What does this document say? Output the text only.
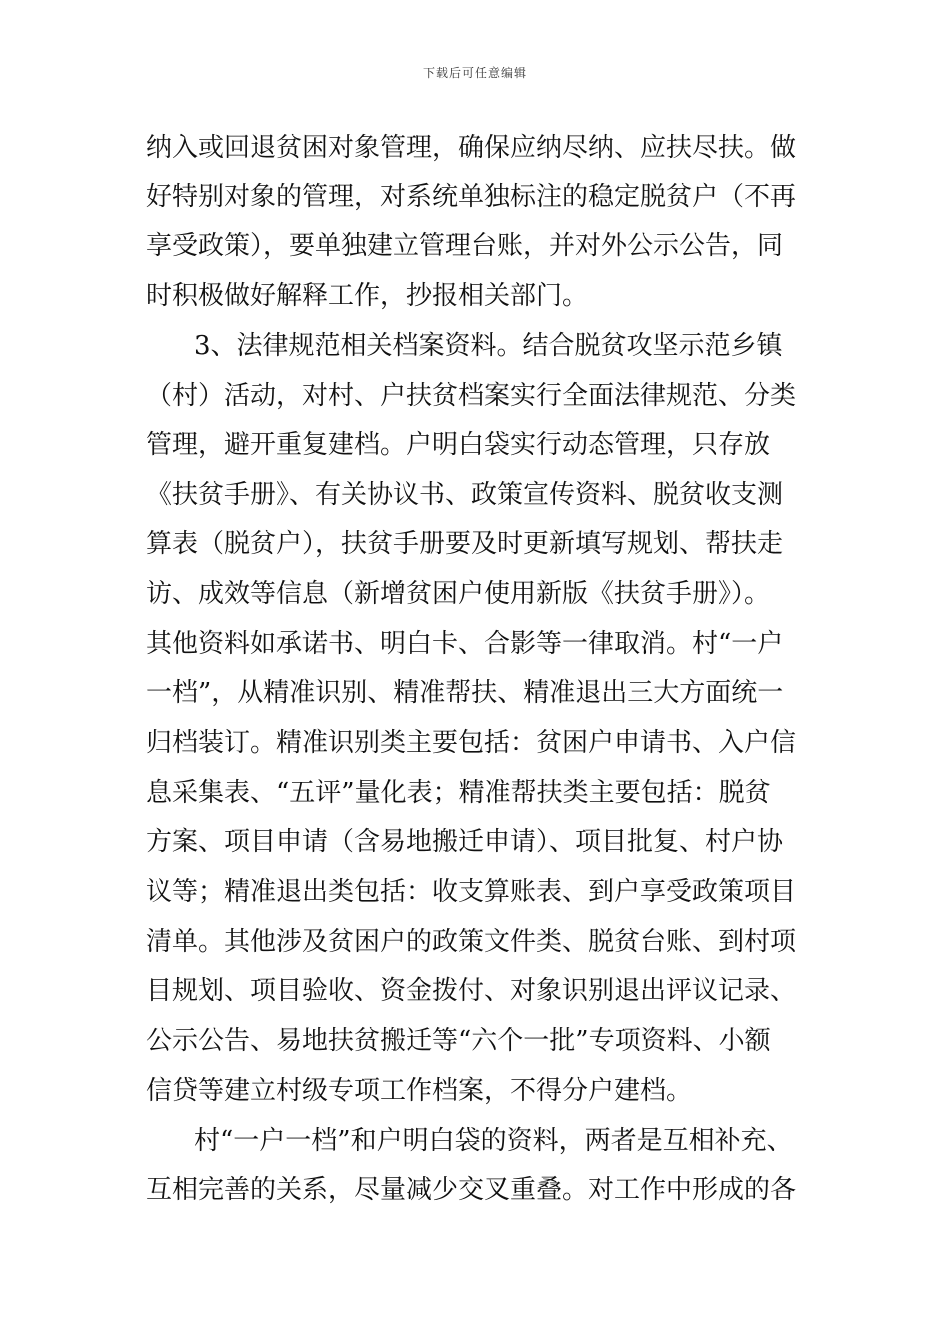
下载后可任意编辑
纳入或回退贫困对象管理，确保应纳尽纳、应扶尽扶。做
好特别对象的管理，对系统单独标注的稳定脱贫户（不再
享受政策），要单独建立管理台账，并对外公示公告，同
时积极做好解释工作，抄报相关部门。
3、法律规范相关档案资料。结合脱贫攻坚示范乡镇
（村）活动，对村、户扶贫档案实行全面法律规范、分类
管理，避开重复建档。户明白袋实行动态管理，只存放
《扶贫手册》、有关协议书、政策宣传资料、脱贫收支测
算表（脱贫户），扶贫手册要及时更新填写规划、帮扶走
访、成效等信息（新增贫困户使用新版《扶贫手册》）。
其他资料如承诺书、明白卡、合影等一律取消。村“一户
一档”，从精准识别、精准帮扶、精准退出三大方面统一
归档装订。精准识别类主要包括：贫困户申请书、入户信
息采集表、“五评”量化表；精准帮扶类主要包括：脱贫
方案、项目申请（含易地搬迁申请）、项目批复、村户协
议等；精准退出类包括：收支算账表、到户享受政策项目
清单。其他涉及贫困户的政策文件类、脱贫台账、到村项
目规划、项目验收、资金拨付、对象识别退出评议记录、
公示公告、易地扶贫搬迁等“六个一批”专项资料、小额
信贷等建立村级专项工作档案，不得分户建档。
村“一户一档”和户明白袋的资料，两者是互相补充、
互相完善的关系，尽量减少交叉重叠。对工作中形成的各
